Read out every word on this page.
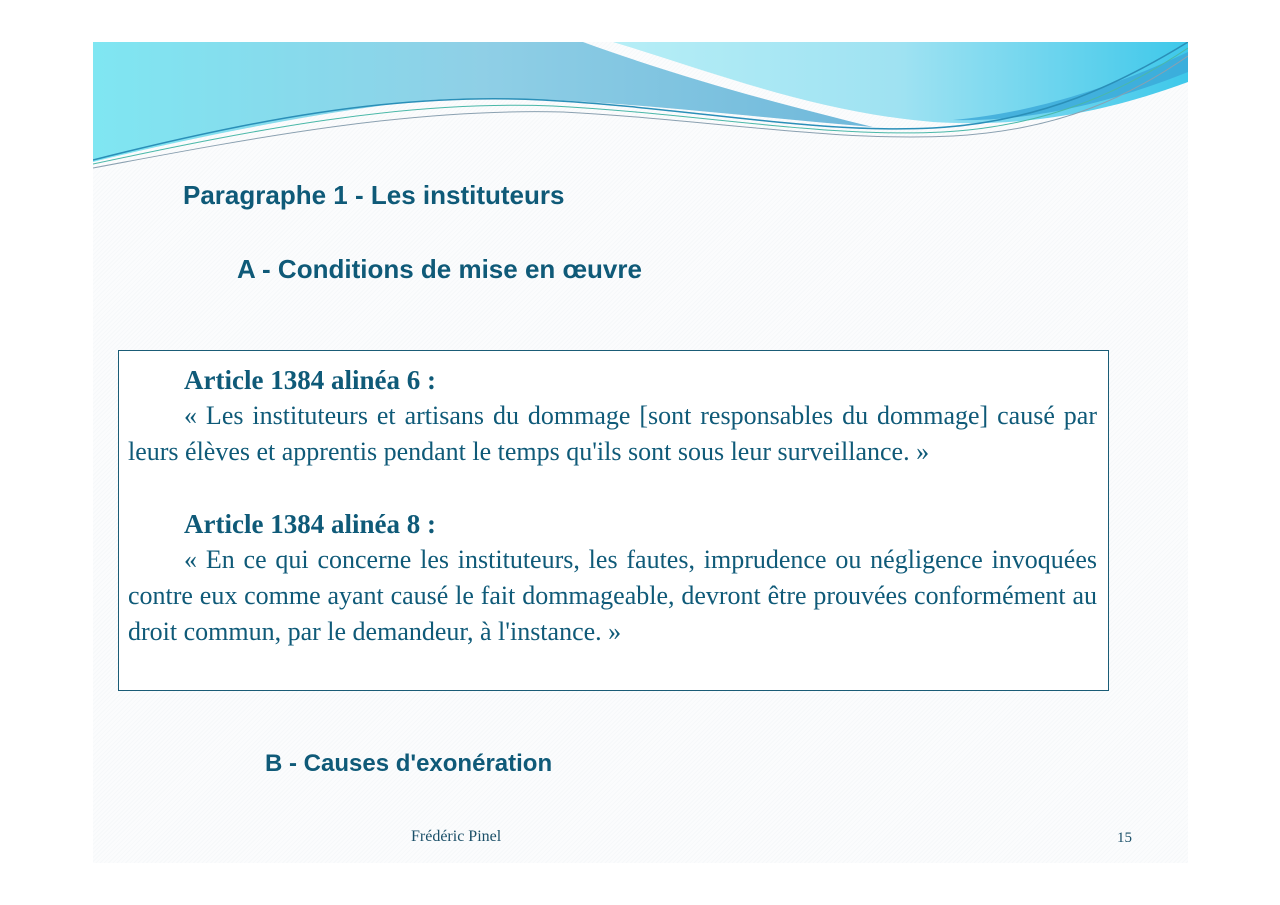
Paragraphe 1 - Les instituteurs
A - Conditions de mise en œuvre

Article 1384 alinéa 6 :

« Les instituteurs et artisans du dommage [sont responsables du dommage] causé par leurs élèves et apprentis pendant le temps qu'ils sont sous leur surveillance. »

Article 1384 alinéa 8 :

« En ce qui concerne les instituteurs, les fautes, imprudence ou négligence invoquées contre eux comme ayant causé le fait dommageable, devront être prouvées conformément au droit commun, par le demandeur, à l'instance. »

B - Causes d'exonération
Frédéric Pinel	15
